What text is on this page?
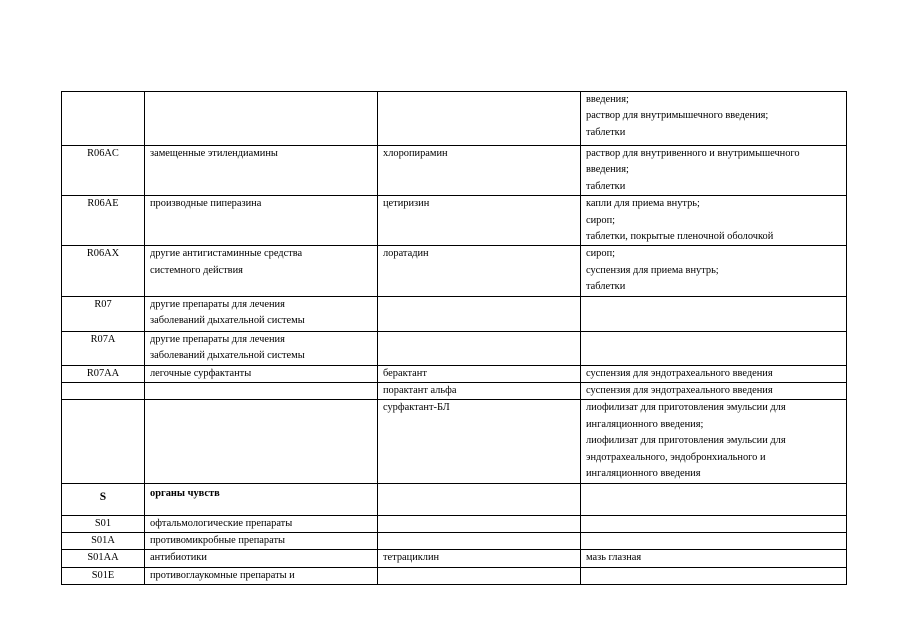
			введения;
раствор для внутримышечного введения;
таблетки

R06AC	замещенные этилендиамины	хлоропирамин	раствор для внутривенного и внутримышечного
введения;
таблетки

R06AE	производные пиперазина	цетиризин	капли для приема внутрь;
сироп;
таблетки, покрытые пленочной оболочкой

R06AX	другие антигистаминные средства
системного действия	лоратадин	сироп;
суспензия для приема внутрь;
таблетки

R07	другие препараты для лечения
заболеваний дыхательной системы		

R07A	другие препараты для лечения
заболеваний дыхательной системы		

R07AA	легочные сурфактанты	берактант	суспензия для эндотрахеального введения

		порактант альфа	суспензия для эндотрахеального введения

		сурфактант-БЛ	лиофилизат для приготовления эмульсии для
ингаляционного введения;
лиофилизат для приготовления эмульсии для
эндотрахеального, эндобронхиального и
ингаляционного введения

S	органы чувств		

S01	офтальмологические препараты		

S01A	противомикробные препараты		

S01AA	антибиотики	тетрациклин	мазь глазная

S01E	противоглаукомные препараты и		
